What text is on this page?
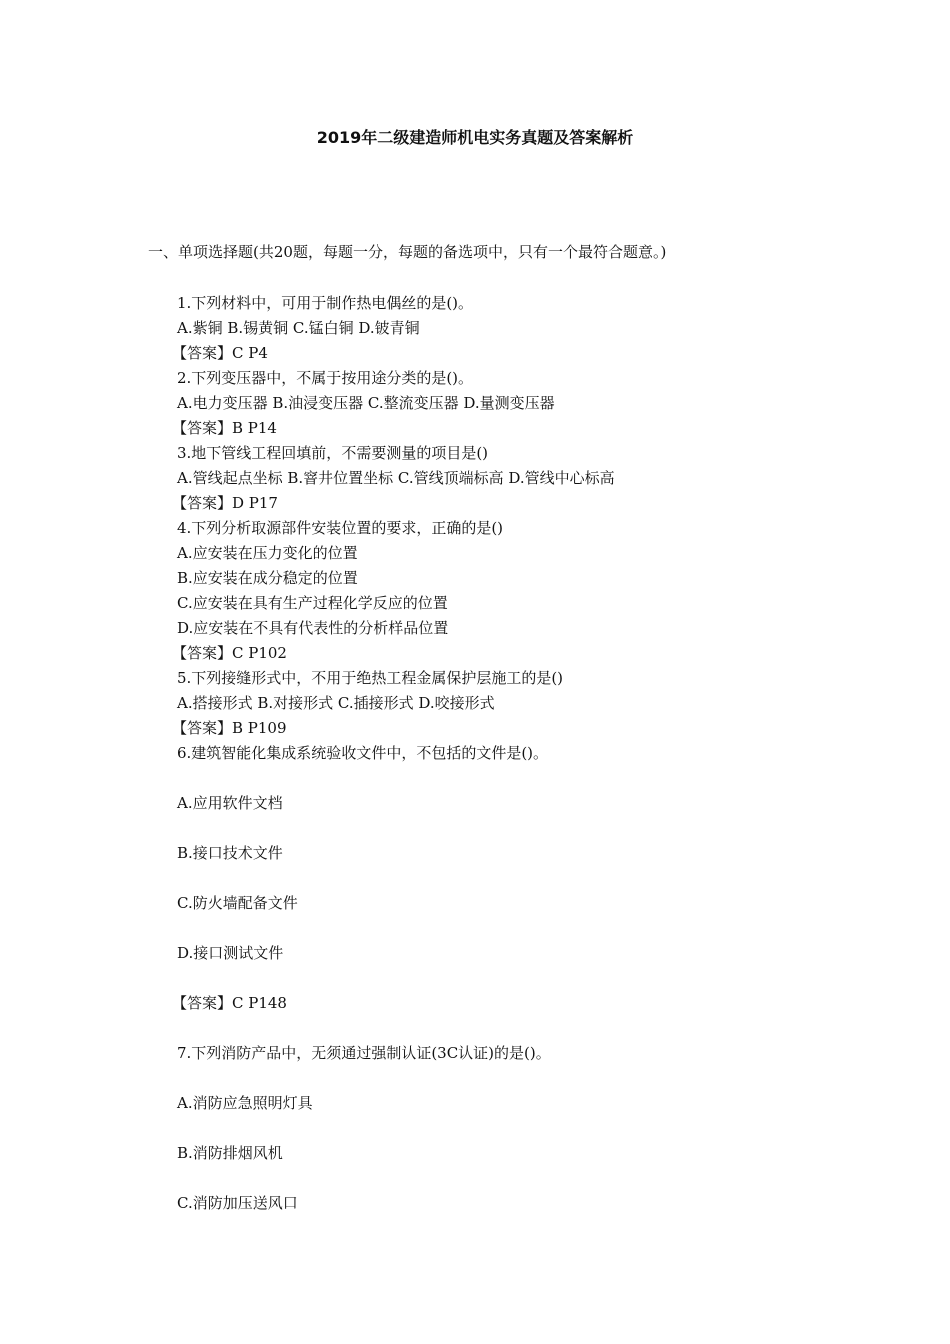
2019年二级建造师机电实务真题及答案解析
一、单项选择题(共20题，每题一分，每题的备选项中，只有一个最符合题意。)
1.下列材料中，可用于制作热电偶丝的是()。
A.紫铜 B.锡黄铜 C.锰白铜 D.铍青铜
【答案】C P4
2.下列变压器中，不属于按用途分类的是()。
A.电力变压器 B.油浸变压器 C.整流变压器 D.量测变压器
【答案】B P14
3.地下管线工程回填前，不需要测量的项目是()
A.管线起点坐标 B.窨井位置坐标 C.管线顶端标高 D.管线中心标高
【答案】D P17
4.下列分析取源部件安装位置的要求，正确的是()
A.应安装在压力变化的位置
B.应安装在成分稳定的位置
C.应安装在具有生产过程化学反应的位置
D.应安装在不具有代表性的分析样品位置
【答案】C P102
5.下列接缝形式中，不用于绝热工程金属保护层施工的是()
A.搭接形式 B.对接形式 C.插接形式 D.咬接形式
【答案】B P109
6.建筑智能化集成系统验收文件中，不包括的文件是()。
A.应用软件文档
B.接口技术文件
C.防火墙配备文件
D.接口测试文件
【答案】C P148
7.下列消防产品中，无须通过强制认证(3C认证)的是()。
A.消防应急照明灯具
B.消防排烟风机
C.消防加压送风口
